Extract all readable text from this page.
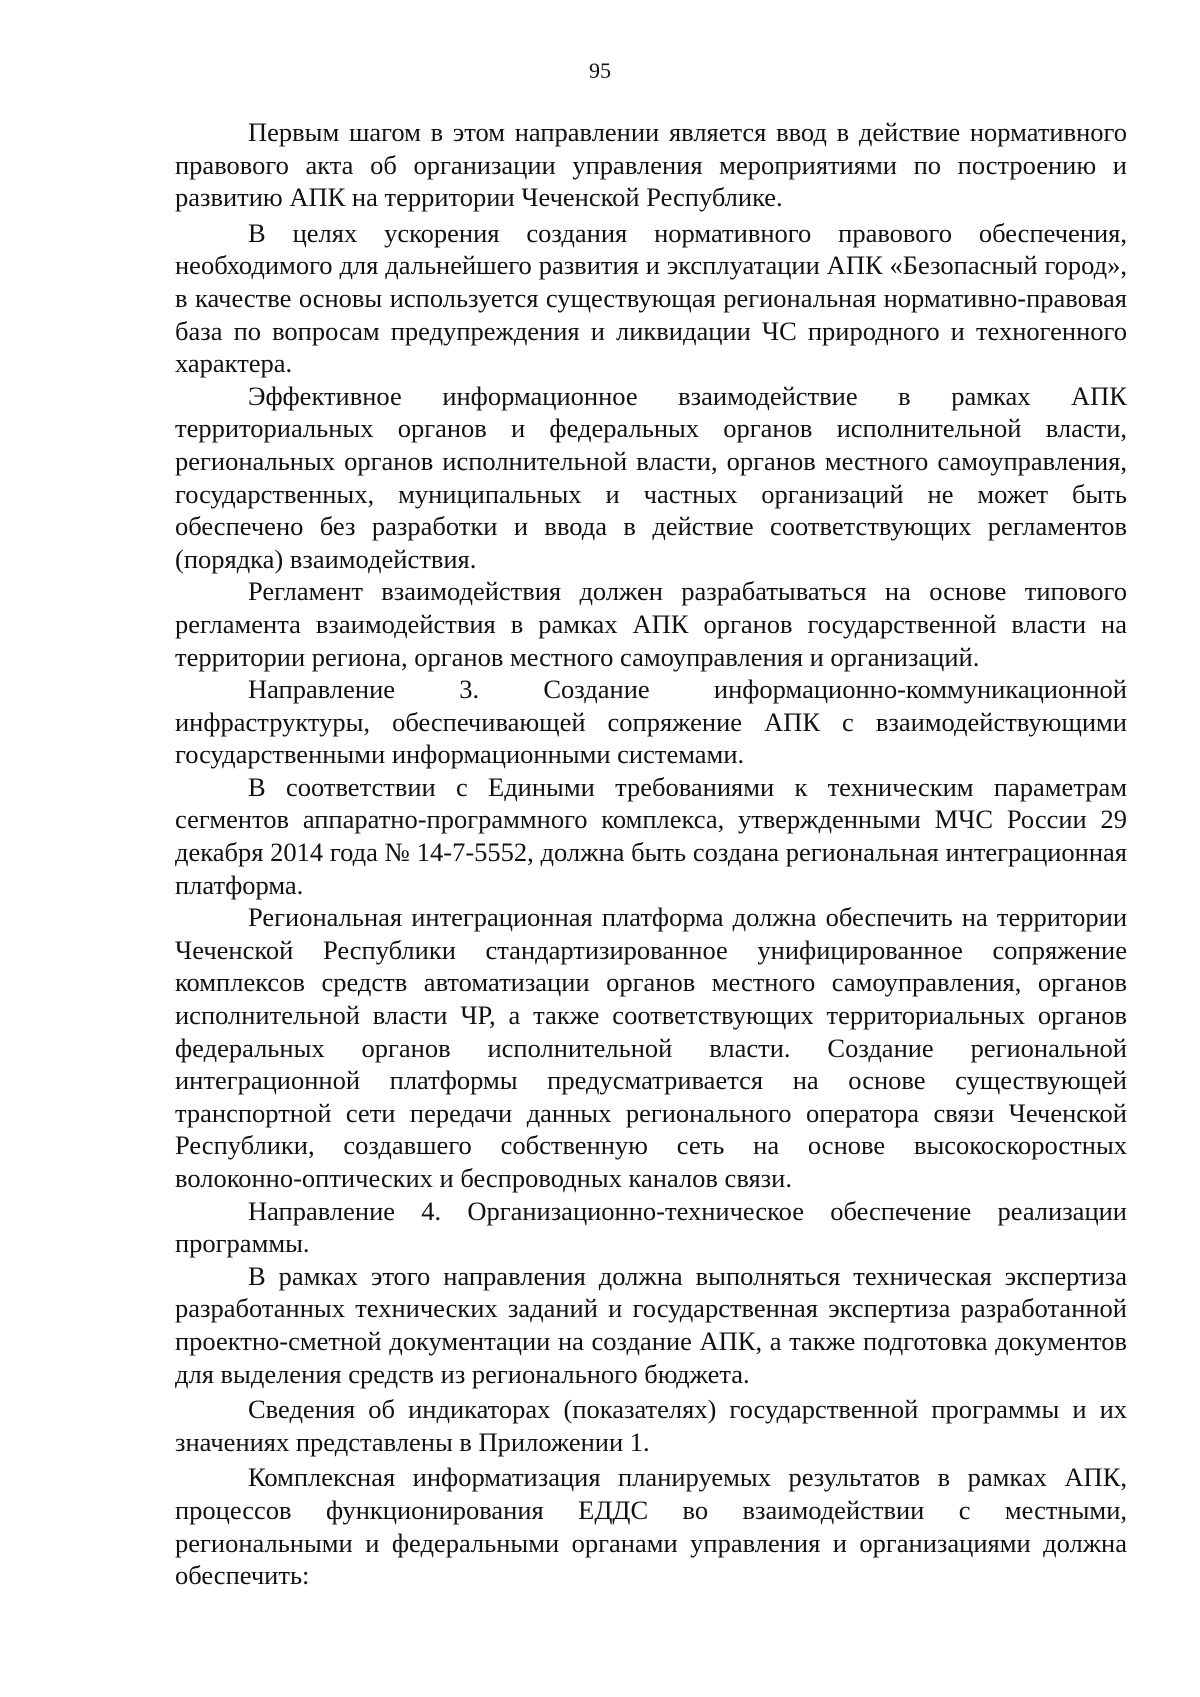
95

Первым шагом в этом направлении является ввод в действие нормативного правового акта об организации управления мероприятиями по построению и развитию АПК на территории Чеченской Республике.

В целях ускорения создания нормативного правового обеспечения, необходимого для дальнейшего развития и эксплуатации АПК «Безопасный город», в качестве основы используется существующая региональная нормативно-правовая база по вопросам предупреждения и ликвидации ЧС природного и техногенного характера.

Эффективное информационное взаимодействие в рамках АПК территориальных органов и федеральных органов исполнительной власти, региональных органов исполнительной власти, органов местного самоуправления, государственных, муниципальных и частных организаций не может быть обеспечено без разработки и ввода в действие соответствующих регламентов (порядка) взаимодействия.

Регламент взаимодействия должен разрабатываться на основе типового регламента взаимодействия в рамках АПК органов государственной власти на территории региона, органов местного самоуправления и организаций.

Направление 3. Создание информационно-коммуникационной инфраструктуры, обеспечивающей сопряжение АПК с взаимодействующими государственными информационными системами.

В соответствии с Едиными требованиями к техническим параметрам сегментов аппаратно-программного комплекса, утвержденными МЧС России 29 декабря 2014 года № 14-7-5552, должна быть создана региональная интеграционная платформа.

Региональная интеграционная платформа должна обеспечить на территории Чеченской Республики стандартизированное унифицированное сопряжение комплексов средств автоматизации органов местного самоуправления, органов исполнительной власти ЧР, а также соответствующих территориальных органов федеральных органов исполнительной власти. Создание региональной интеграционной платформы предусматривается на основе существующей транспортной сети передачи данных регионального оператора связи Чеченской Республики, создавшего собственную сеть на основе высокоскоростных волоконно-оптических и беспроводных каналов связи.

Направление 4. Организационно-техническое обеспечение реализации программы.

В рамках этого направления должна выполняться техническая экспертиза разработанных технических заданий и государственная экспертиза разработанной проектно-сметной документации на создание АПК, а также подготовка документов для выделения средств из регионального бюджета.

Сведения об индикаторах (показателях) государственной программы и их значениях представлены в Приложении 1.

Комплексная информатизация планируемых результатов в рамках АПК, процессов функционирования ЕДДС во взаимодействии с местными, региональными и федеральными органами управления и организациями должна обеспечить:
